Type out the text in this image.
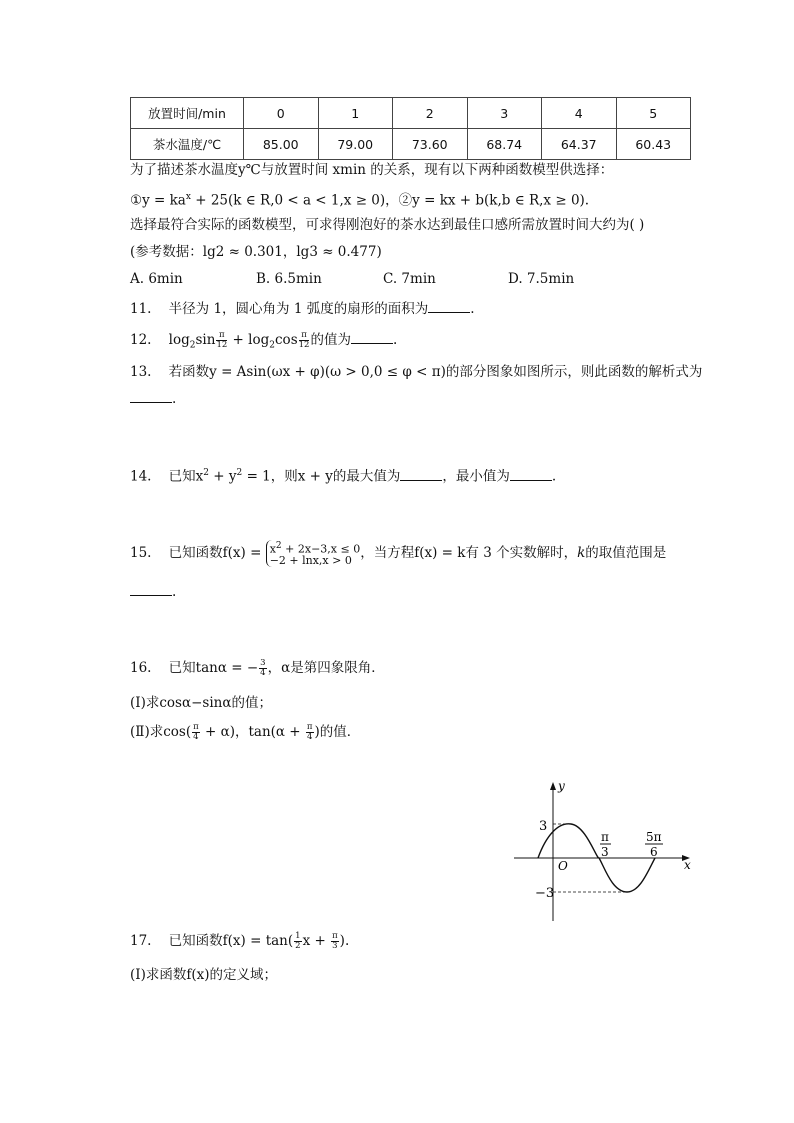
放置时间/min	0	1	2	3	4	5
茶水温度/℃	85.00	79.00	73.60	68.74	64.37	60.43
为了描述茶水温度y℃与放置时间 xmin 的关系，现有以下两种函数模型供选择：
①y = $ka^x + 25(k$ ∈ R,0 < a < 1,x ≥ 0)，②y = kx + b(k,b ∈ R,x ≥ 0).
选择最符合实际的函数模型，可求得刚泡好的茶水达到最佳口感所需放置时间大约为( )
(参考数据：lg2 ≈ 0.301，lg3 ≈ 0.477)
A. 6min	B. 6.5min	C. 7min	D. 7.5min
11. 半径为 1，圆心角为 1 弧度的扇形的面积为	.
12. $\log_2\sin \frac{\pi}{12} + \log_2\cos \frac{\pi}{12}$ 的值为	.
13. 若函数y = Asin(ωx + φ)(ω > 0,0 ≤ φ < π)的部分图象如图所示，则此函数的解析式为
.
14. 已知$x^2 + y^2 = 1$，则x + y的最大值为	，最小值为	.
15. 已知函数$f(x) = x^2 + 2x-3,x \le 0$
−2 + lnx,x > 0 ，当方程f(x) = k有 3 个实数解时，k的取值范围是
.
16. 已知tanα = − $\frac{3}{4}$ ，α是第四象限角．
(Ⅰ)求cosα−sinα的值；
(Ⅱ)求$\cos( \frac{\pi}{4} + \alpha)$，$\tan(\alpha + \frac{\pi}{4}$ )的值．
y
x
O
3
−3
π
3
5π
6
17. 已知函数$f(x) = \tan( \frac{1}{2}$ $x + \frac{\pi}{3}$ ).
(Ⅰ)求函数f(x)的定义域；
